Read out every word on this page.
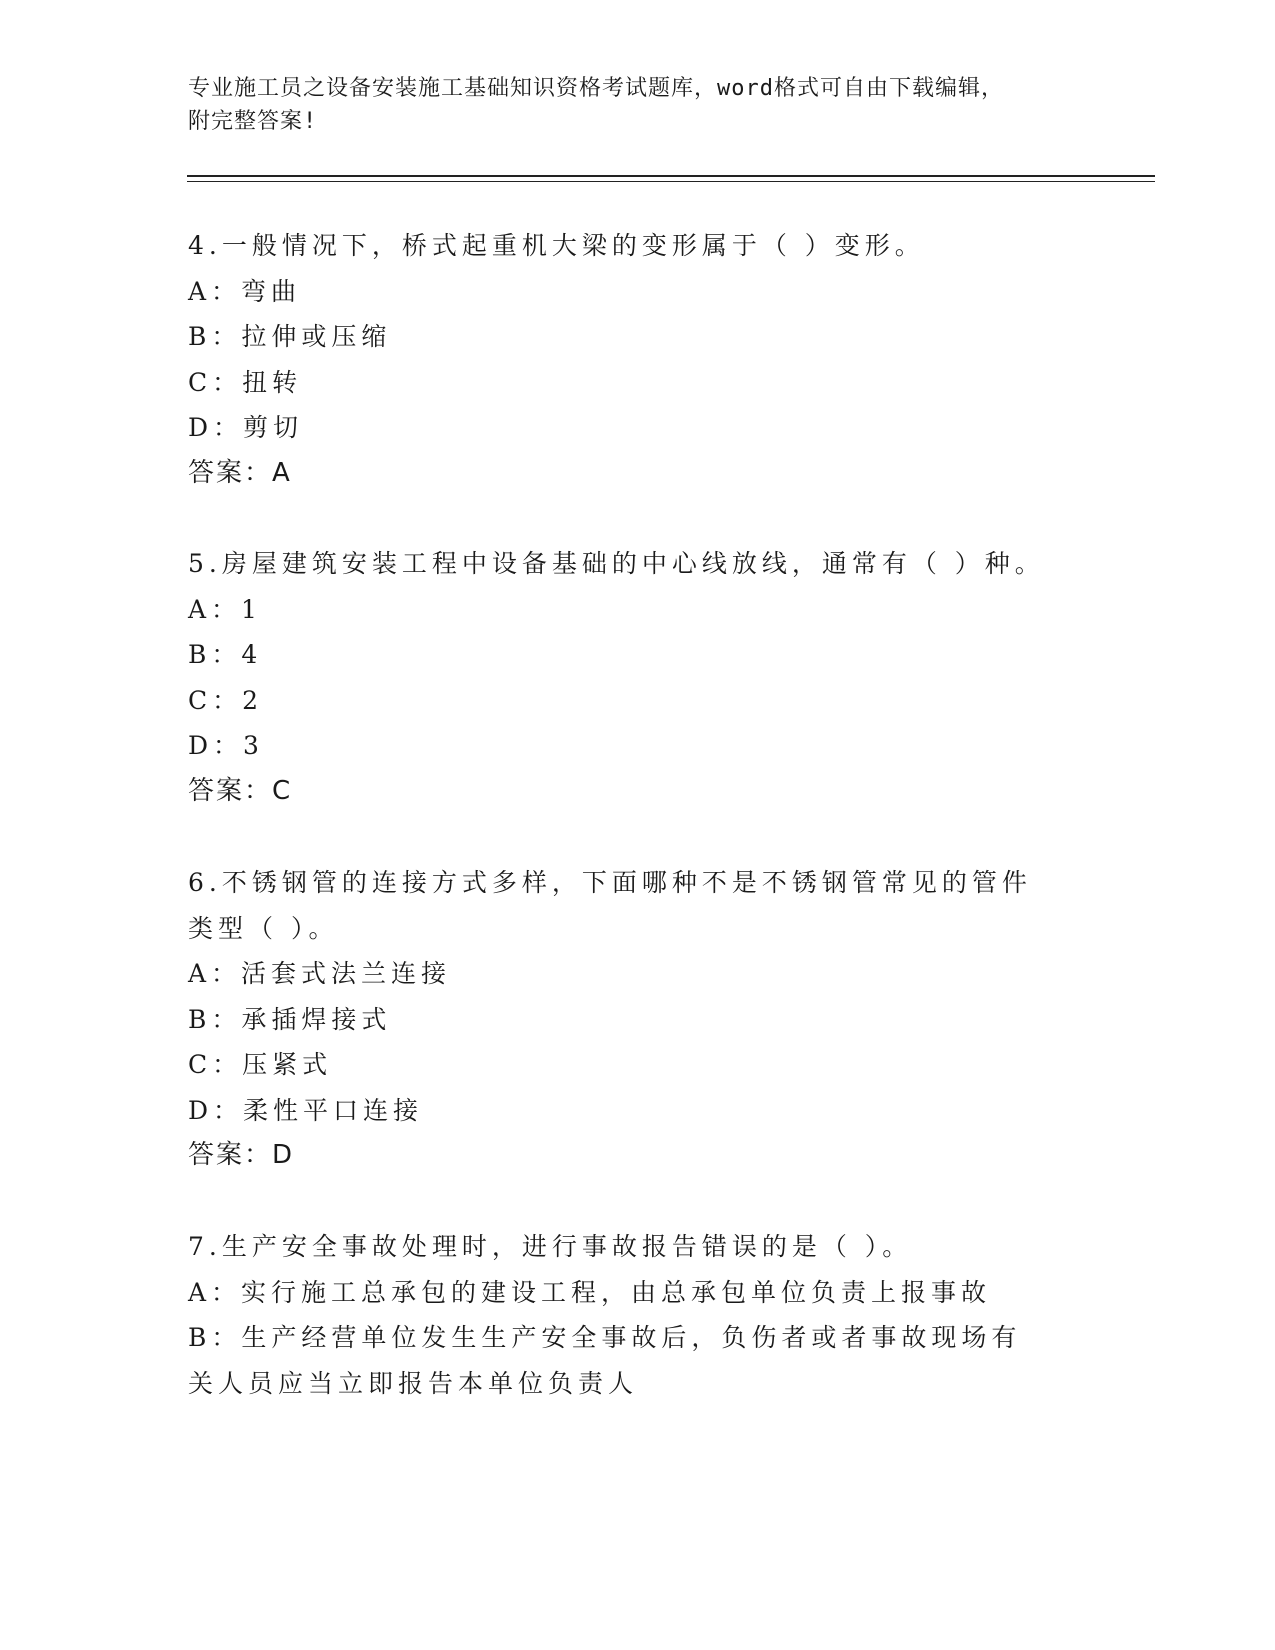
专业施工员之设备安装施工基础知识资格考试题库，word格式可自由下载编辑，
附完整答案!
4.一般情况下，桥式起重机大梁的变形属于（ ）变形。
A：弯曲
B：拉伸或压缩
C：扭转
D：剪切
答案：A
5.房屋建筑安装工程中设备基础的中心线放线，通常有（ ）种。
A：1
B：4
C：2
D：3
答案：C
6.不锈钢管的连接方式多样，下面哪种不是不锈钢管常见的管件类型（ ）。
A：活套式法兰连接
B：承插焊接式
C：压紧式
D：柔性平口连接
答案：D
7.生产安全事故处理时，进行事故报告错误的是（ ）。
A：实行施工总承包的建设工程，由总承包单位负责上报事故
B：生产经营单位发生生产安全事故后，负伤者或者事故现场有关人员应当立即报告本单位负责人
